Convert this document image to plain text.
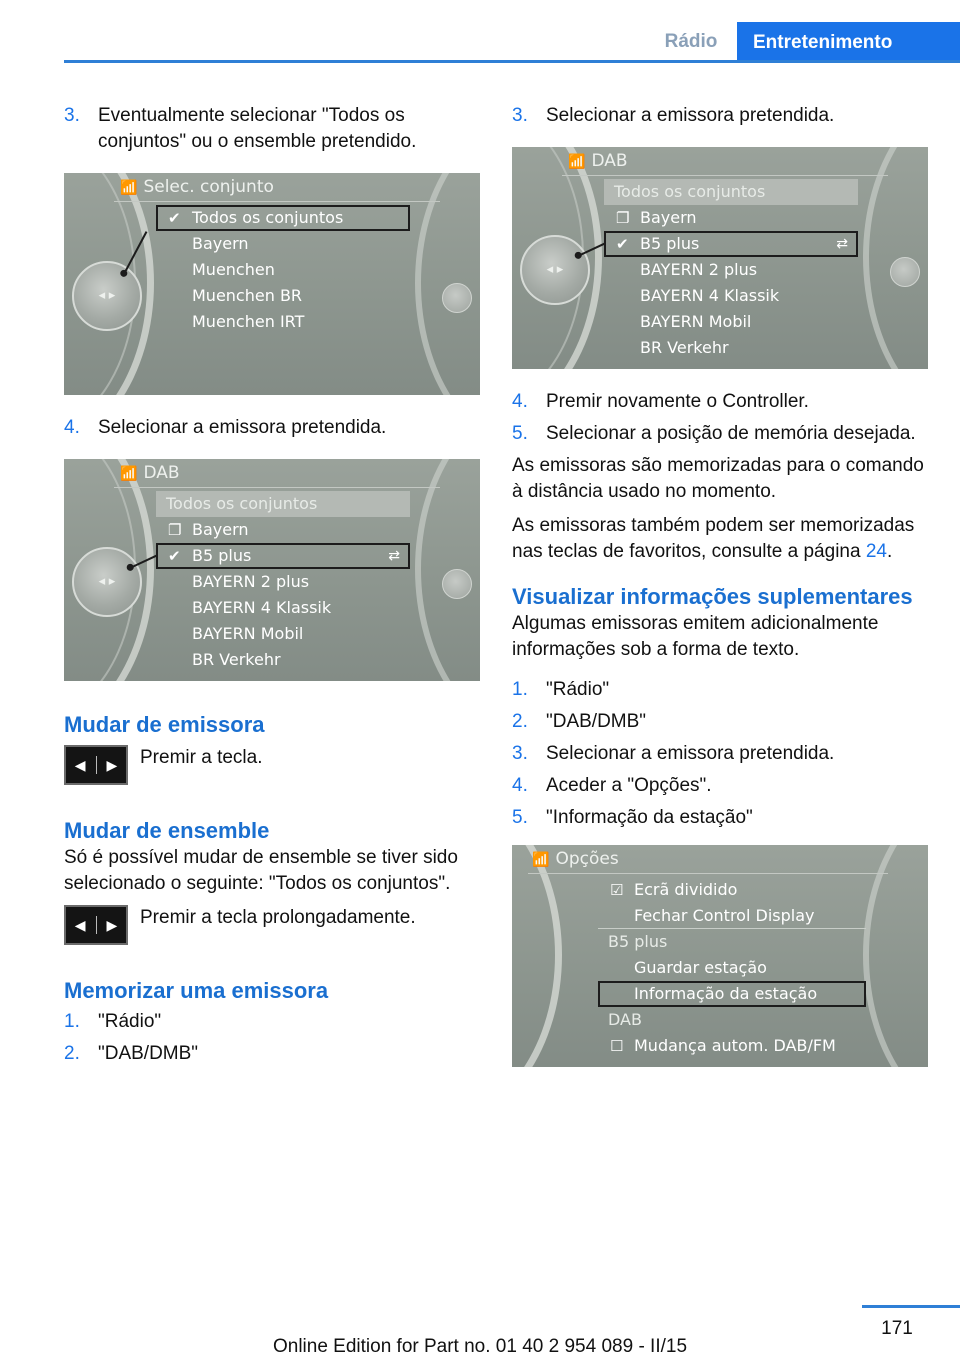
Rádio	Entretenimento
3. Eventualmente selecionar "Todos os conjuntos" ou o ensemble pretendido.
◂ ▸
📶 Selec. conjunto
✔ Todos os conjuntos
Bayern
Muenchen
Muenchen BR
Muenchen IRT
4. Selecionar a emissora pretendida.
◂ ▸
📶 DAB
Todos os conjuntos
❐ Bayern
✔ B5 plus	⇄
BAYERN 2 plus
BAYERN 4 Klassik
BAYERN Mobil
BR Verkehr
Mudar de emissora
◀ ▶ Premir a tecla.
Mudar de ensemble

Só é possível mudar de ensemble se tiver sido selecionado o seguinte: "Todos os conjuntos".

◀ ▶ Premir a tecla prolongadamente.
Memorizar uma emissora
1. "Rádio"
2. "DAB/DMB"
3. Selecionar a emissora pretendida.
◂ ▸
📶 DAB
Todos os conjuntos
❐ Bayern
✔ B5 plus	⇄
BAYERN 2 plus
BAYERN 4 Klassik
BAYERN Mobil
BR Verkehr
4. Premir novamente o Controller.
5. Selecionar a posição de memória desejada.

As emissoras são memorizadas para o comando à distância usado no momento.

As emissoras também podem ser memorizadas nas teclas de favoritos, consulte a página 24.

Visualizar informações suplementares

Algumas emissoras emitem adicionalmente informações sob a forma de texto.

1. "Rádio"
2. "DAB/DMB"
3. Selecionar a emissora pretendida.
4. Aceder a "Opções".
5. "Informação da estação"
📶 Opções
☑ Ecrã dividido
Fechar Control Display
B5 plus
Guardar estação
Informação da estação
DAB
☐ Mudança autom. DAB/FM
171
Online Edition for Part no. 01 40 2 954 089 - II/15
